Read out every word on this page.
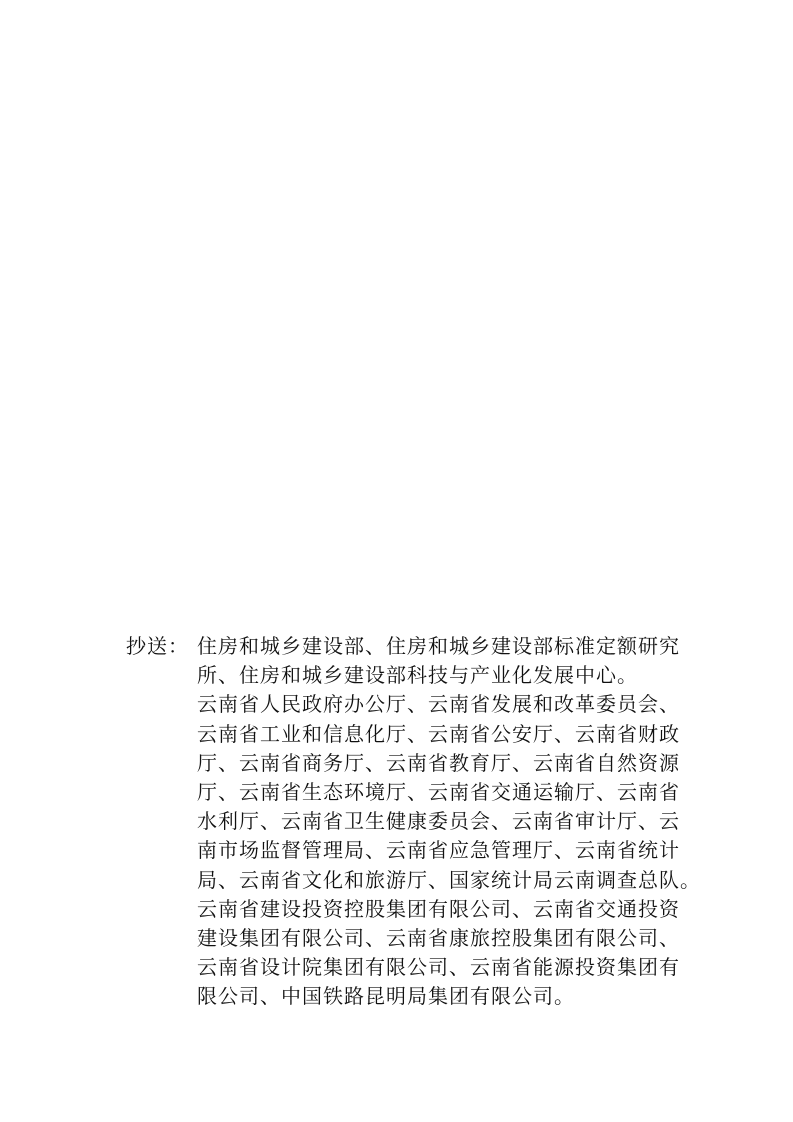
抄送： 住房和城乡建设部、住房和城乡建设部标准定额研究
所、住房和城乡建设部科技与产业化发展中心。
云南省人民政府办公厅、云南省发展和改革委员会、
云南省工业和信息化厅、云南省公安厅、云南省财政
厅、云南省商务厅、云南省教育厅、云南省自然资源
厅、云南省生态环境厅、云南省交通运输厅、云南省
水利厅、云南省卫生健康委员会、云南省审计厅、云
南市场监督管理局、云南省应急管理厅、云南省统计
局、云南省文化和旅游厅、国家统计局云南调查总队。
云南省建设投资控股集团有限公司、云南省交通投资
建设集团有限公司、云南省康旅控股集团有限公司、
云南省设计院集团有限公司、云南省能源投资集团有
限公司、中国铁路昆明局集团有限公司。
